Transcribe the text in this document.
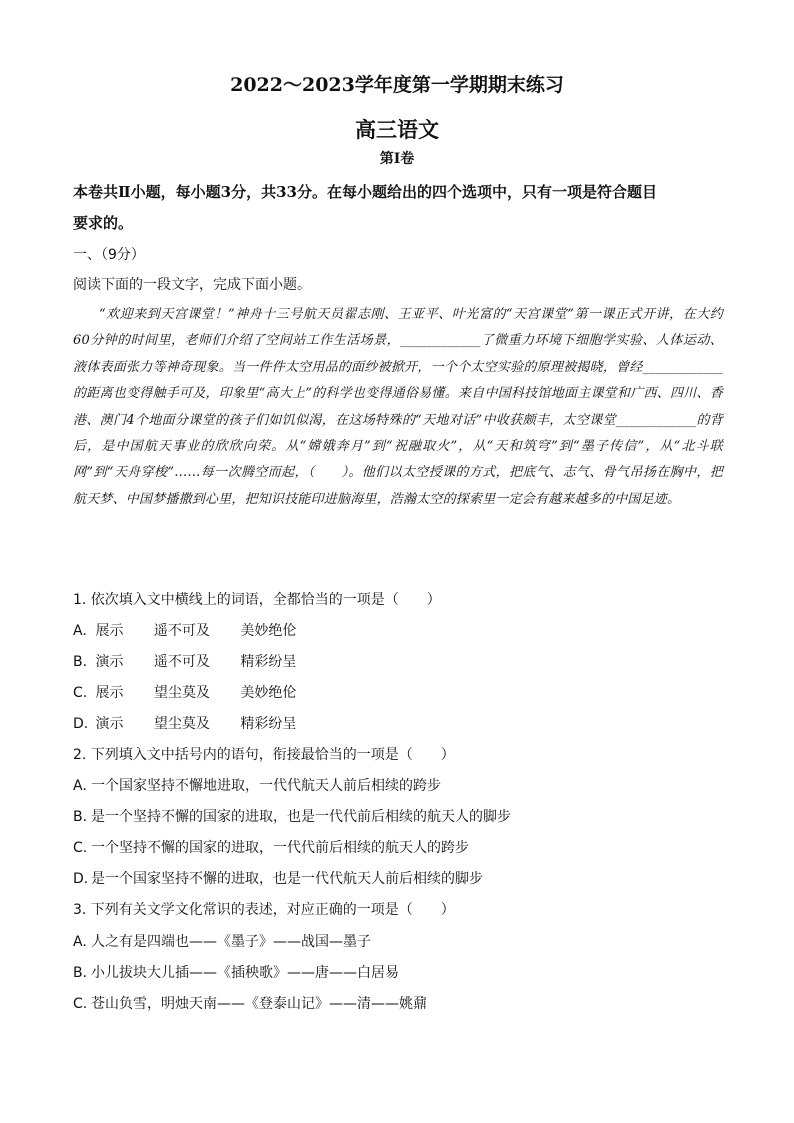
2022～2023学年度第一学期期末练习
高三语文
第Ⅰ卷
本卷共Ⅱ小题，每小题3分，共33分。在每小题给出的四个选项中，只有一项是符合题目
要求的。
一、（9分）
阅读下面的一段文字，完成下面小题。
“欢迎来到天宫课堂！”神舟十三号航天员翟志刚、王亚平、叶光富的“天宫课堂”第一课正式开讲，在大约60分钟的时间里，老师们介绍了空间站工作生活场景，____________了微重力环境下细胞学实验、人体运动、液体表面张力等神奇现象。当一件件太空用品的面纱被掀开，一个个太空实验的原理被揭晓，曾经____________的距离也变得触手可及，印象里“高大上”的科学也变得通俗易懂。来自中国科技馆地面主课堂和广西、四川、香港、澳门4个地面分课堂的孩子们如饥似渴，在这场特殊的“天地对话”中收获颇丰，太空课堂____________的背后，是中国航天事业的欣欣向荣。从“嫦娥奔月”到“祝融取火”，从“天和筑穹”到“墨子传信”，从“北斗联网”到“天舟穿梭”……每一次腾空而起，（　　）。他们以太空授课的方式，把底气、志气、骨气吊扬在胸中，把航天梦、中国梦播撒到心里，把知识技能印进脑海里，浩瀚太空的探索里一定会有越来越多的中国足迹。
1. 依次填入文中横线上的词语，全都恰当的一项是（　　）
A. 展示 遥不可及 美妙绝伦
B. 演示 遥不可及 精彩纷呈
C. 展示 望尘莫及 美妙绝伦
D. 演示 望尘莫及 精彩纷呈
2. 下列填入文中括号内的语句，衔接最恰当的一项是（　　）
A. 一个国家坚持不懈地进取，一代代航天人前后相续的跨步
B. 是一个坚持不懈的国家的进取，也是一代代前后相续的航天人的脚步
C. 一个坚持不懈的国家的进取，一代代前后相续的航天人的跨步
D. 是一个国家坚持不懈的进取，也是一代代航天人前后相续的脚步
3. 下列有关文学文化常识的表述，对应正确的一项是（　　）
A. 人之有是四端也——《墨子》——战国—墨子
B. 小儿拔块大儿插——《插秧歌》——唐——白居易
C. 苍山负雪，明烛天南——《登泰山记》——清——姚鼐
